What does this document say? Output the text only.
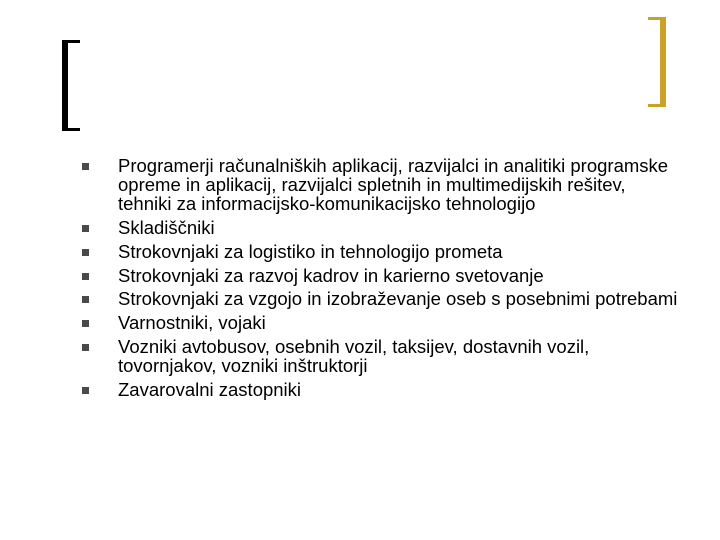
Programerji računalniških aplikacij, razvijalci in analitiki programske opreme in aplikacij, razvijalci spletnih in multimedijskih rešitev, tehniki za informacijsko-komunikacijsko tehnologijo
Skladiščniki
Strokovnjaki za logistiko in tehnologijo prometa
Strokovnjaki za razvoj kadrov in karierno svetovanje
Strokovnjaki za vzgojo in izobraževanje oseb s posebnimi potrebami
Varnostniki, vojaki
Vozniki avtobusov, osebnih vozil, taksijev, dostavnih vozil, tovornjakov, vozniki inštruktorji
Zavarovalni zastopniki
